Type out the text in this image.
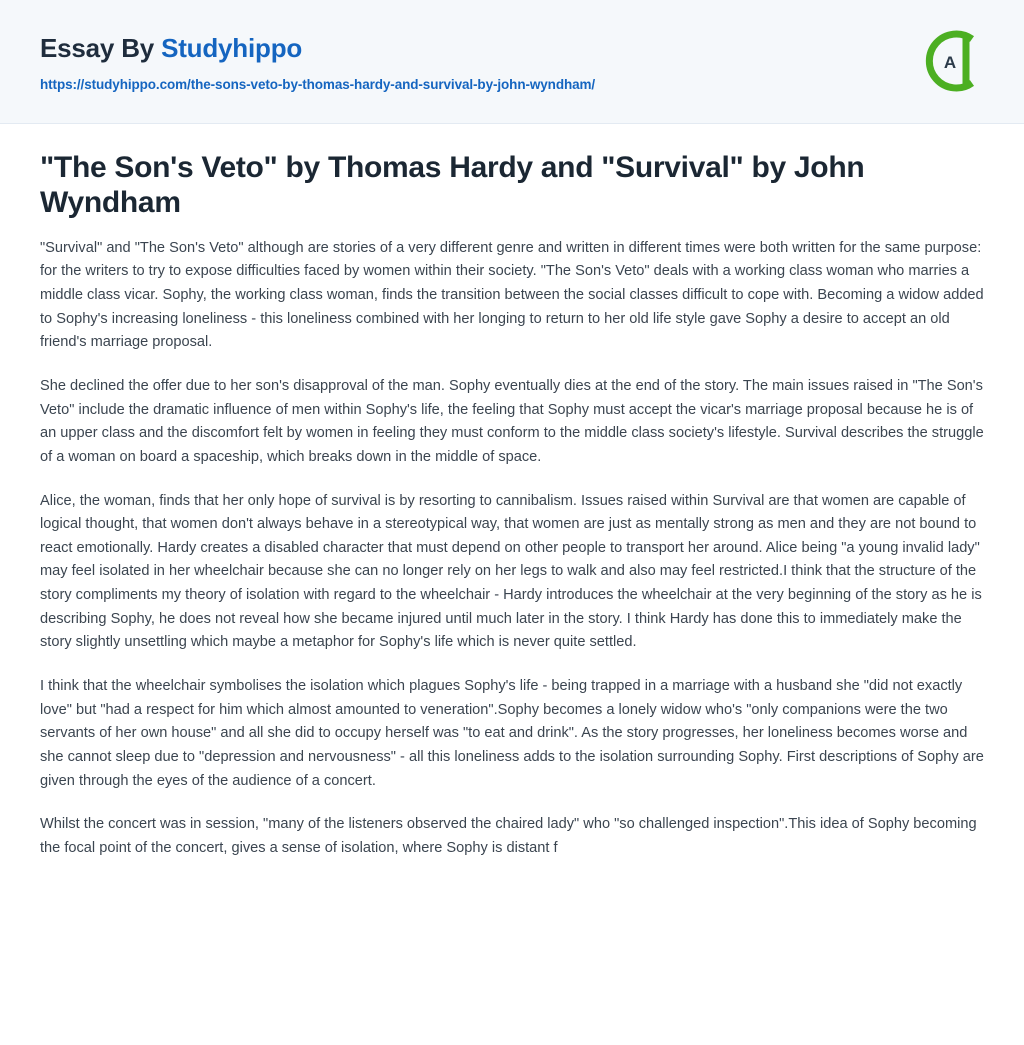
Essay By Studyhippo
https://studyhippo.com/the-sons-veto-by-thomas-hardy-and-survival-by-john-wyndham/
A
"The Son's Veto" by Thomas Hardy and "Survival" by John Wyndham

"Survival" and "The Son's Veto" although are stories of a very different genre and written in different times were both written for the same purpose: for the writers to try to expose difficulties faced by women within their society. "The Son's Veto" deals with a working class woman who marries a middle class vicar. Sophy, the working class woman, finds the transition between the social classes difficult to cope with. Becoming a widow added to Sophy's increasing loneliness - this loneliness combined with her longing to return to her old life style gave Sophy a desire to accept an old friend's marriage proposal.

She declined the offer due to her son's disapproval of the man. Sophy eventually dies at the end of the story. The main issues raised in "The Son's Veto" include the dramatic influence of men within Sophy's life, the feeling that Sophy must accept the vicar's marriage proposal because he is of an upper class and the discomfort felt by women in feeling they must conform to the middle class society's lifestyle. Survival describes the struggle of a woman on board a spaceship, which breaks down in the middle of space.

Alice, the woman, finds that her only hope of survival is by resorting to cannibalism. Issues raised within Survival are that women are capable of logical thought, that women don't always behave in a stereotypical way, that women are just as mentally strong as men and they are not bound to react emotionally. Hardy creates a disabled character that must depend on other people to transport her around. Alice being "a young invalid lady" may feel isolated in her wheelchair because she can no longer rely on her legs to walk and also may feel restricted.I think that the structure of the story compliments my theory of isolation with regard to the wheelchair - Hardy introduces the wheelchair at the very beginning of the story as he is describing Sophy, he does not reveal how she became injured until much later in the story. I think Hardy has done this to immediately make the story slightly unsettling which maybe a metaphor for Sophy's life which is never quite settled.

I think that the wheelchair symbolises the isolation which plagues Sophy's life - being trapped in a marriage with a husband she "did not exactly love" but "had a respect for him which almost amounted to veneration".Sophy becomes a lonely widow who's "only companions were the two servants of her own house" and all she did to occupy herself was "to eat and drink". As the story progresses, her loneliness becomes worse and she cannot sleep due to "depression and nervousness" - all this loneliness adds to the isolation surrounding Sophy. First descriptions of Sophy are given through the eyes of the audience of a concert.

Whilst the concert was in session, "many of the listeners observed the chaired lady" who "so challenged inspection".This idea of Sophy becoming the focal point of the concert, gives a sense of isolation, where Sophy is distant f
